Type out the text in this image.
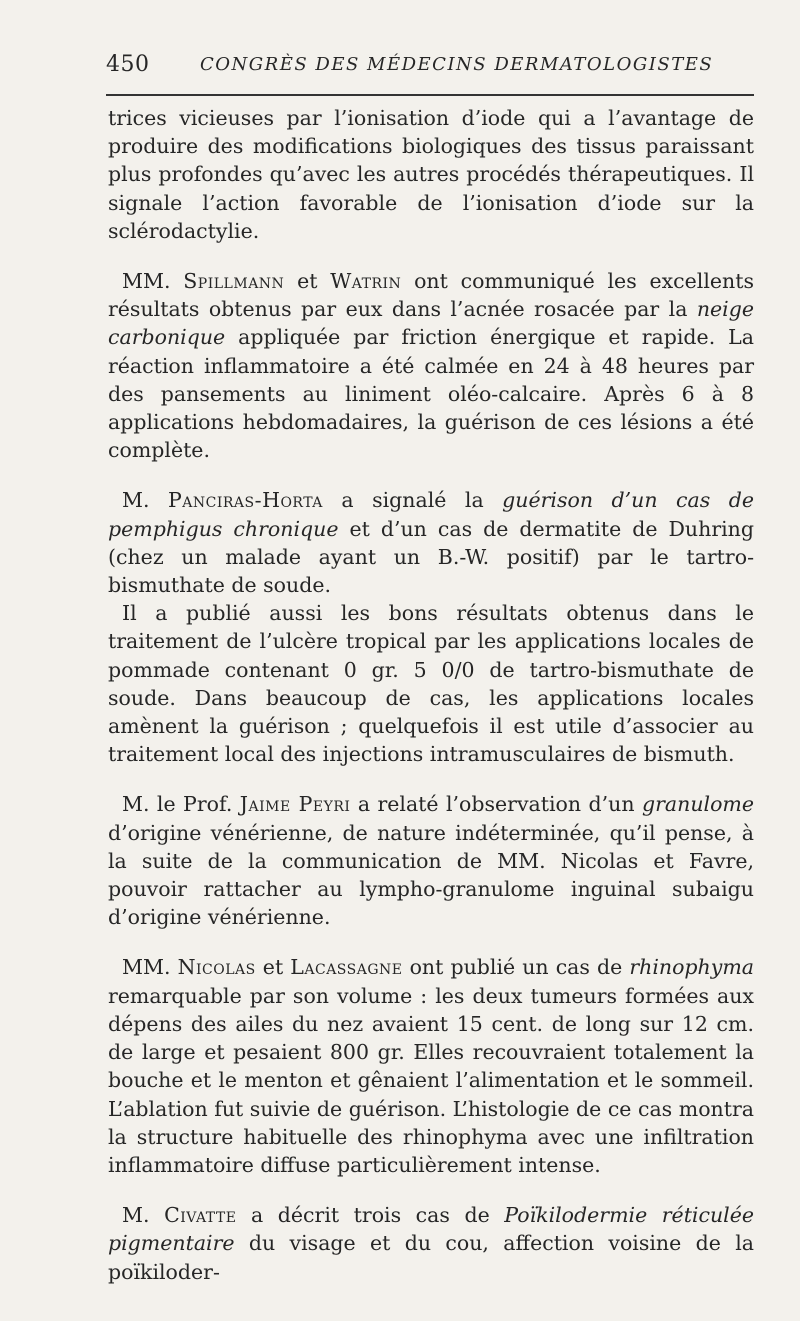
450	CONGRÈS DES MÉDECINS DERMATOLOGISTES

trices vicieuses par l’ionisation d’iode qui a l’avantage de produire des modifications biologiques des tissus paraissant plus profondes qu’avec les autres procédés thérapeutiques. Il signale l’action favorable de l’ionisation d’iode sur la sclérodactylie.

MM. Spillmann et Watrin ont communiqué les excellents résultats obtenus par eux dans l’acnée rosacée par la neige carbonique appliquée par friction énergique et rapide. La réaction inflammatoire a été calmée en 24 à 48 heures par des pansements au liniment oléo-calcaire. Après 6 à 8 applications hebdomadaires, la guérison de ces lésions a été complète.

M. Panciras-Horta a signalé la guérison d’un cas de pemphigus chronique et d’un cas de dermatite de Duhring (chez un malade ayant un B.-W. positif) par le tartro-bismuthate de soude.

Il a publié aussi les bons résultats obtenus dans le traitement de l’ulcère tropical par les applications locales de pommade contenant 0 gr. 5 0/0 de tartro-bismuthate de soude. Dans beaucoup de cas, les applications locales amènent la guérison ; quelquefois il est utile d’associer au traitement local des injections intramusculaires de bismuth.

M. le Prof. Jaime Peyri a relaté l’observation d’un granulome d’origine vénérienne, de nature indéterminée, qu’il pense, à la suite de la communication de MM. Nicolas et Favre, pouvoir rattacher au lympho-granulome inguinal subaigu d’origine vénérienne.

MM. Nicolas et Lacassagne ont publié un cas de rhinophyma remarquable par son volume : les deux tumeurs formées aux dépens des ailes du nez avaient 15 cent. de long sur 12 cm. de large et pesaient 800 gr. Elles recouvraient totalement la bouche et le menton et gênaient l’alimentation et le sommeil. L’ablation fut suivie de guérison. L’histologie de ce cas montra la structure habituelle des rhinophyma avec une infiltration inflammatoire diffuse particulièrement intense.

M. Civatte a décrit trois cas de Poïkilodermie réticulée pigmentaire du visage et du cou, affection voisine de la poïkiloder-
